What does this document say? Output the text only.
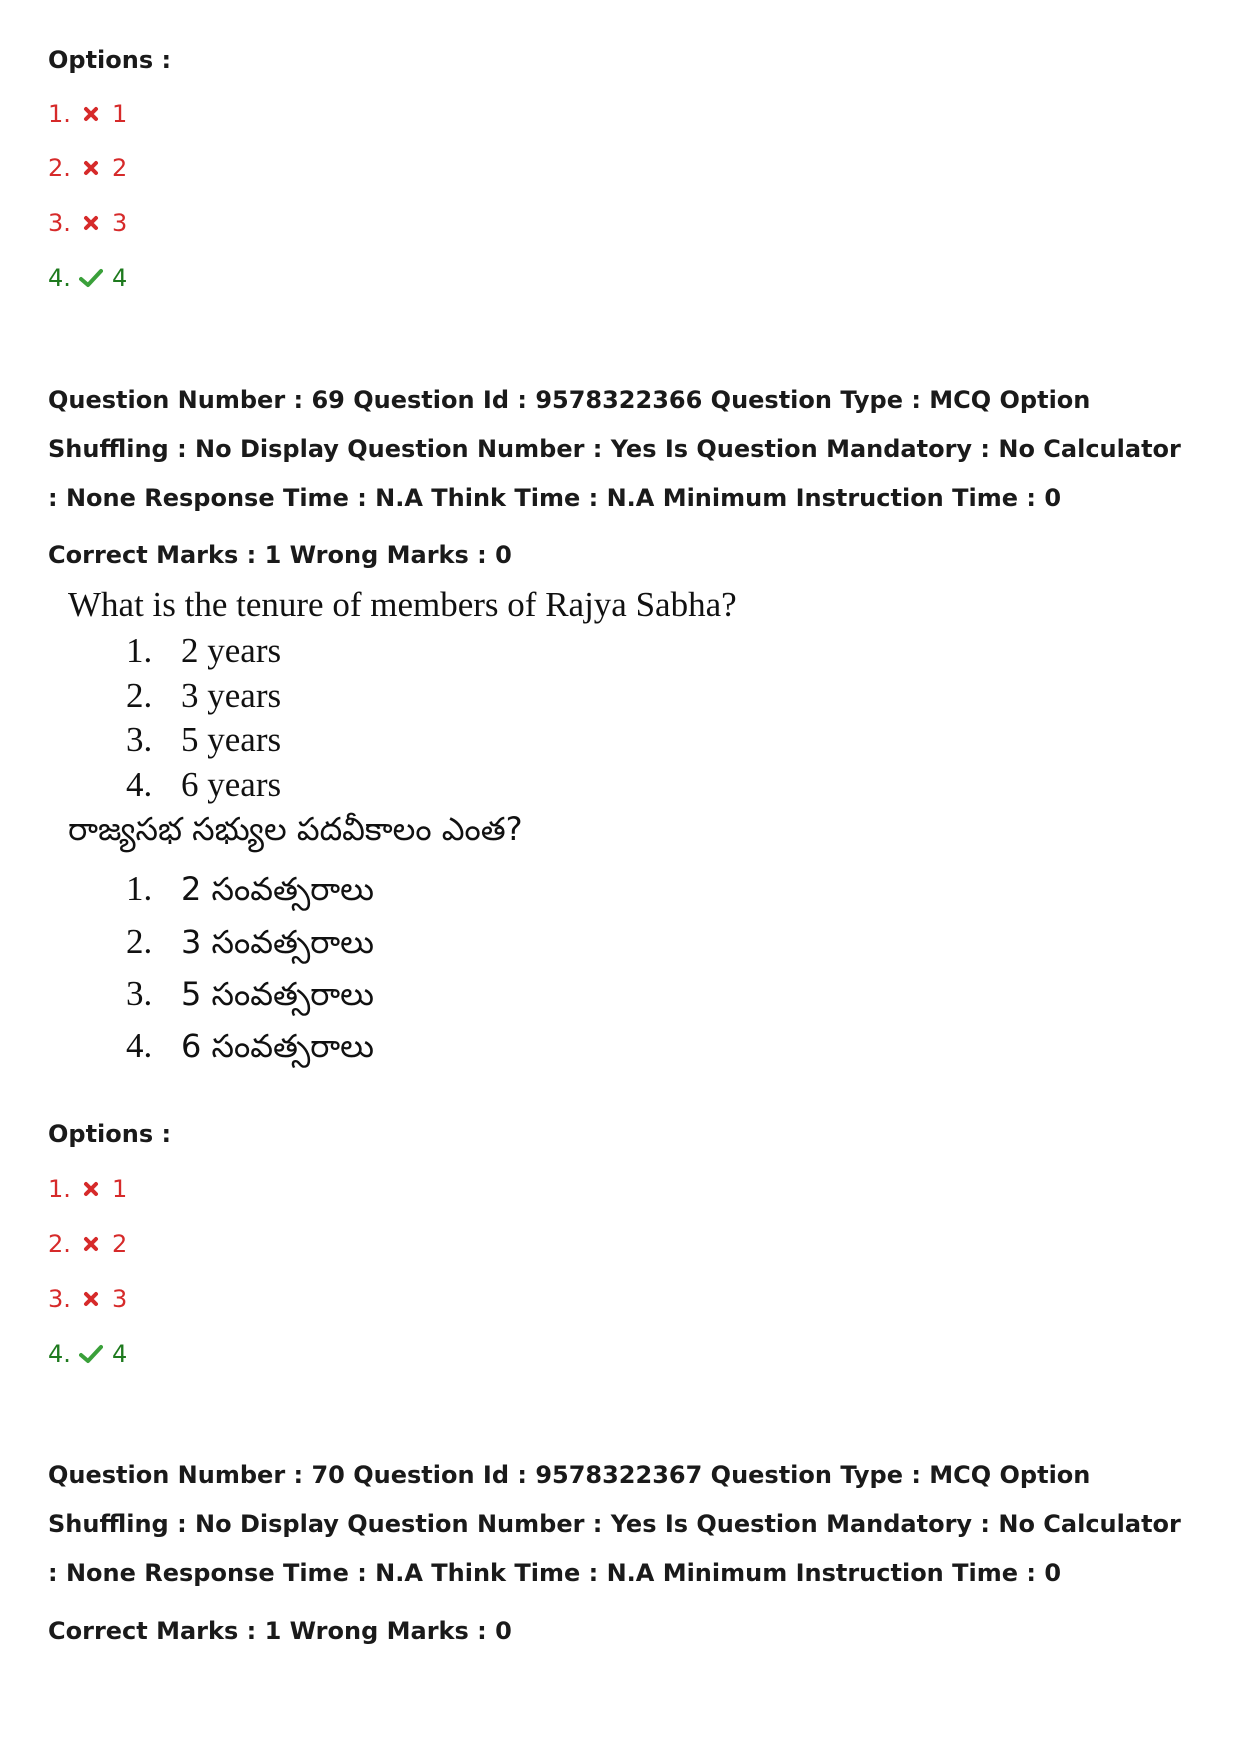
Options :
1. 1
2. 2
3. 3
4. 4
Question Number : 69 Question Id : 9578322366 Question Type : MCQ Option Shuffling : No Display Question Number : Yes Is Question Mandatory : No Calculator : None Response Time : N.A Think Time : N.A Minimum Instruction Time : 0
Correct Marks : 1 Wrong Marks : 0
What is the tenure of members of Rajya Sabha?
1. 2 years
2. 3 years
3. 5 years
4. 6 years
రాజ్యసభ సభ్యుల పదవీకాలం ఎంత?
1. 2 సంవత్సరాలు
2. 3 సంవత్సరాలు
3. 5 సంవత్సరాలు
4. 6 సంవత్సరాలు
Options :
1. 1
2. 2
3. 3
4. 4
Question Number : 70 Question Id : 9578322367 Question Type : MCQ Option Shuffling : No Display Question Number : Yes Is Question Mandatory : No Calculator : None Response Time : N.A Think Time : N.A Minimum Instruction Time : 0
Correct Marks : 1 Wrong Marks : 0
